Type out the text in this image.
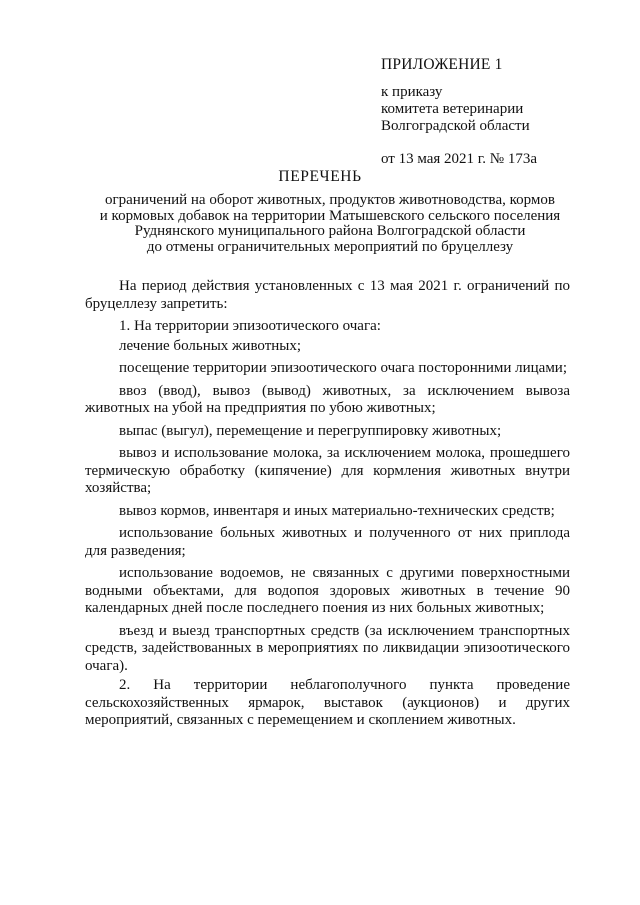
ПРИЛОЖЕНИЕ 1
к приказу
комитета ветеринарии
Волгоградской области
от 13 мая 2021 г. № 173а
ПЕРЕЧЕНЬ
ограничений на оборот животных, продуктов животноводства, кормов
и кормовых добавок на территории Матышевского сельского поселения
Руднянского муниципального района Волгоградской области
до отмены ограничительных мероприятий по бруцеллезу

На период действия установленных с 13 мая 2021 г. ограничений по бруцеллезу запретить:

1. На территории эпизоотического очага:

лечение больных животных;

посещение территории эпизоотического очага посторонними лицами;

ввоз (ввод), вывоз (вывод) животных, за исключением вывоза животных на убой на предприятия по убою животных;

выпас (выгул), перемещение и перегруппировку животных;

вывоз и использование молока, за исключением молока, прошедшего термическую обработку (кипячение) для кормления животных внутри хозяйства;

вывоз кормов, инвентаря и иных материально-технических средств;

использование больных животных и полученного от них приплода для разведения;

использование водоемов, не связанных с другими поверхностными водными объектами, для водопоя здоровых животных в течение 90 календарных дней после последнего поения из них больных животных;

въезд и выезд транспортных средств (за исключением транспортных средств, задействованных в мероприятиях по ликвидации эпизоотического очага).

2. На территории неблагополучного пункта проведение сельскохозяйственных ярмарок, выставок (аукционов) и других мероприятий, связанных с перемещением и скоплением животных.
